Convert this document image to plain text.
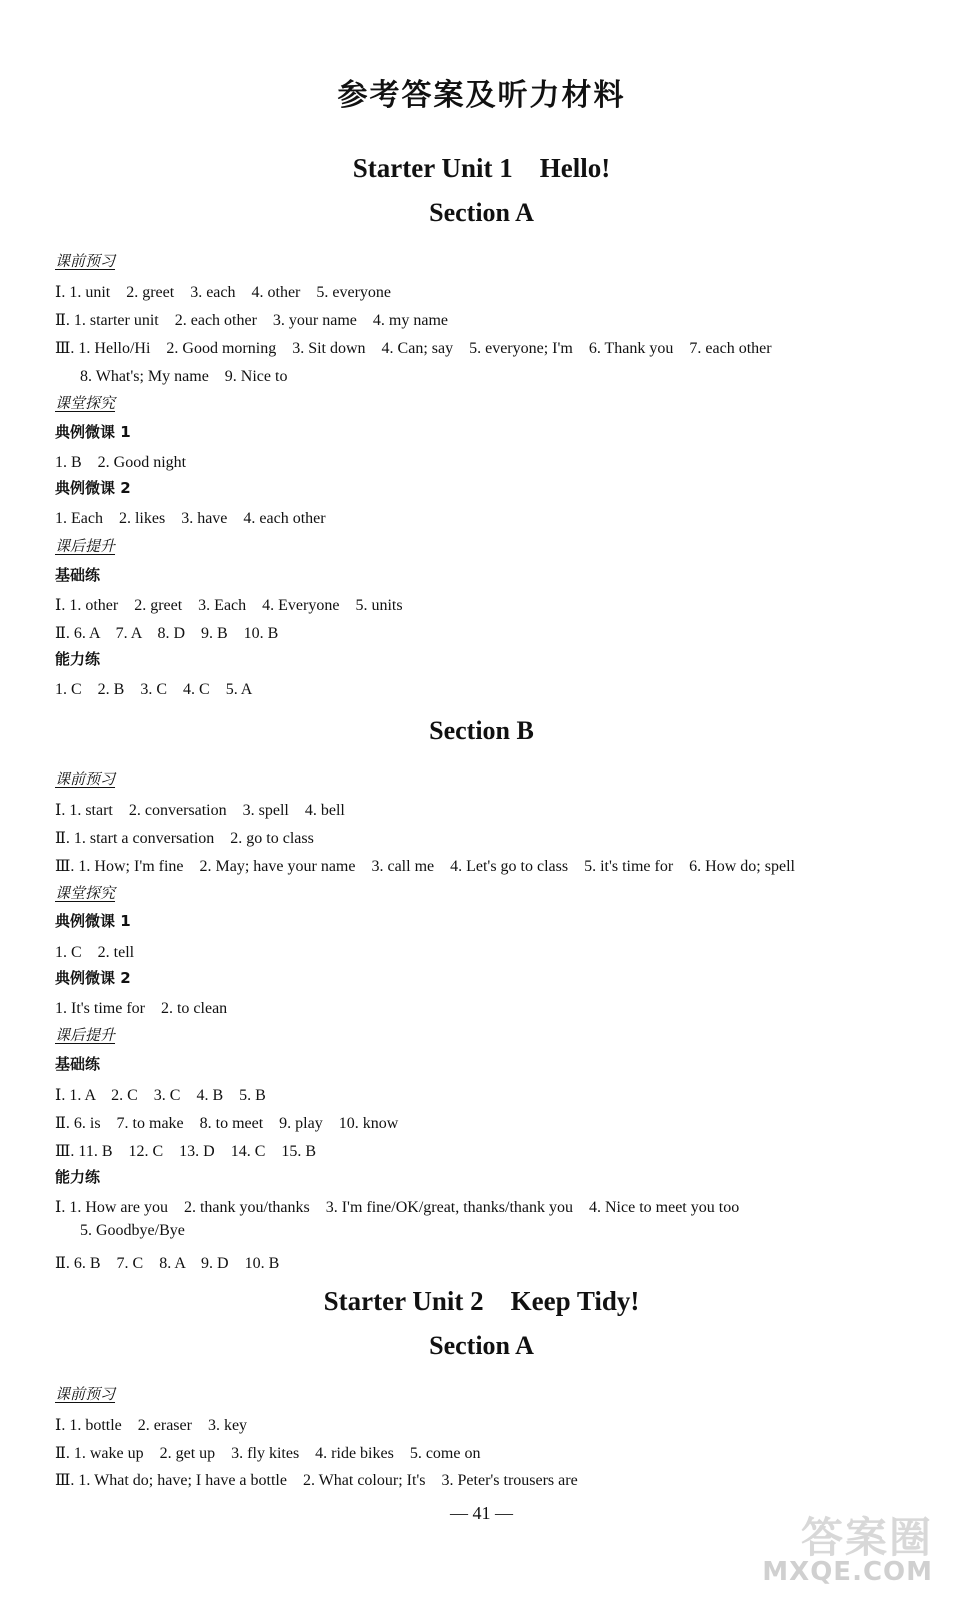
参考答案及听力材料
Starter Unit 1　Hello!
Section A
课前预习
Ⅰ. 1. unit　2. greet　3. each　4. other　5. everyone
Ⅱ. 1. starter unit　2. each other　3. your name　4. my name
Ⅲ. 1. Hello/Hi　2. Good morning　3. Sit down　4. Can; say　5. everyone; I'm　6. Thank you　7. each other
8. What's; My name　9. Nice to
课堂探究
典例微课 1
1. B　2. Good night
典例微课 2
1. Each　2. likes　3. have　4. each other
课后提升
基础练
Ⅰ. 1. other　2. greet　3. Each　4. Everyone　5. units
Ⅱ. 6. A　7. A　8. D　9. B　10. B
能力练
1. C　2. B　3. C　4. C　5. A
Section B
课前预习
Ⅰ. 1. start　2. conversation　3. spell　4. bell
Ⅱ. 1. start a conversation　2. go to class
Ⅲ. 1. How; I'm fine　2. May; have your name　3. call me　4. Let's go to class　5. it's time for　6. How do; spell
课堂探究
典例微课 1
1. C　2. tell
典例微课 2
1. It's time for　2. to clean
课后提升
基础练
Ⅰ. 1. A　2. C　3. C　4. B　5. B
Ⅱ. 6. is　7. to make　8. to meet　9. play　10. know
Ⅲ. 11. B　12. C　13. D　14. C　15. B
能力练
Ⅰ. 1. How are you　2. thank you/thanks　3. I'm fine/OK/great, thanks/thank you　4. Nice to meet you too
5. Goodbye/Bye
Ⅱ. 6. B　7. C　8. A　9. D　10. B
Starter Unit 2　Keep Tidy!
Section A
课前预习
Ⅰ. 1. bottle　2. eraser　3. key
Ⅱ. 1. wake up　2. get up　3. fly kites　4. ride bikes　5. come on
Ⅲ. 1. What do; have; I have a bottle　2. What colour; It's　3. Peter's trousers are
— 41 —	答案圈
MXQE.COM
